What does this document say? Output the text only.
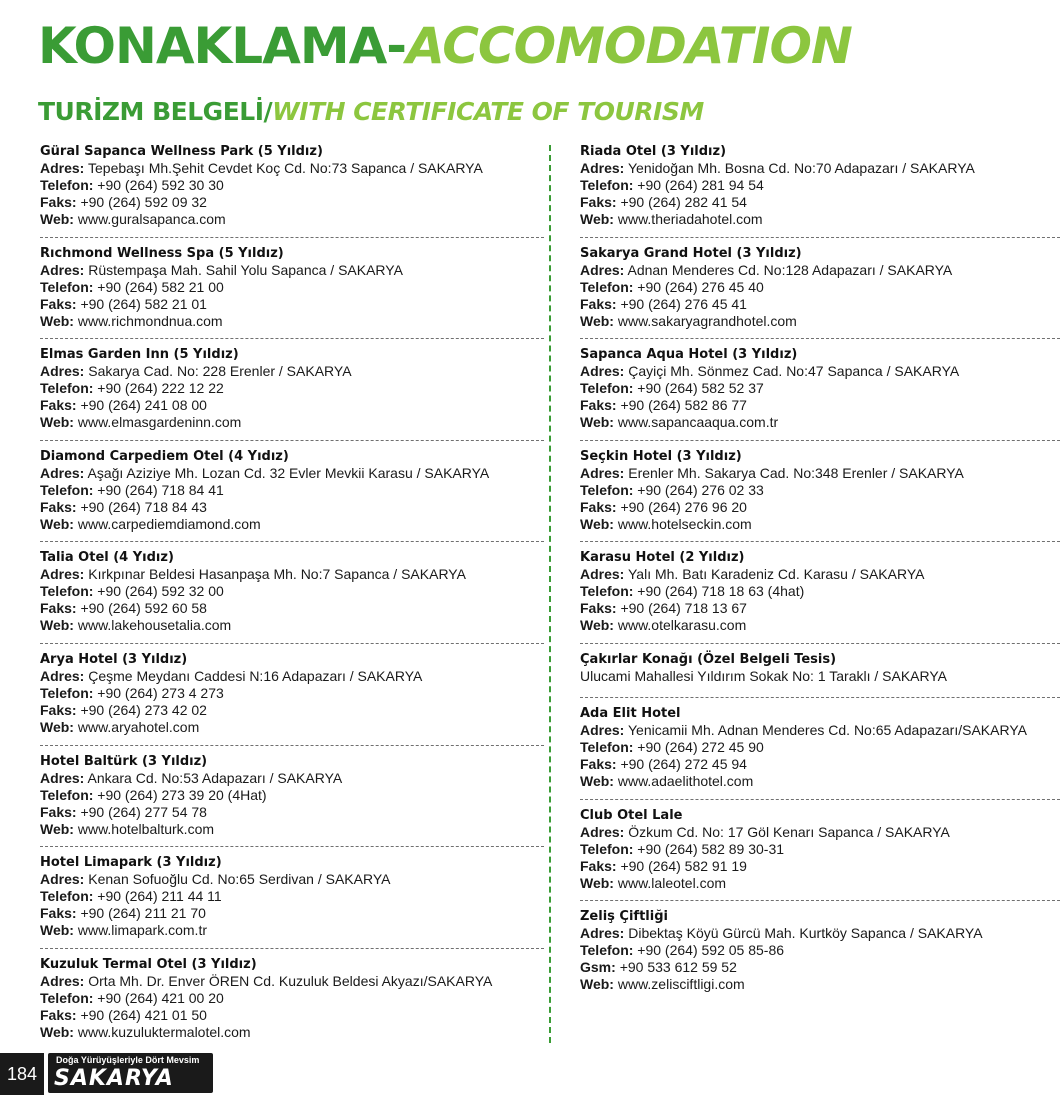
KONAKLAMA-ACCOMODATION
TURİZM BELGELİ/WITH CERTIFICATE OF TOURISM
Güral Sapanca Wellness Park (5 Yıldız)
Adres: Tepebaşı Mh.Şehit Cevdet Koç Cd. No:73 Sapanca / SAKARYA
Telefon: +90 (264) 592 30 30
Faks: +90 (264) 592 09 32
Web: www.guralsapanca.com
Rıchmond Wellness Spa (5 Yıldız)
Adres: Rüstempaşa Mah. Sahil Yolu Sapanca / SAKARYA
Telefon: +90 (264) 582 21 00
Faks: +90 (264) 582 21 01
Web: www.richmondnua.com
Elmas Garden Inn (5 Yıldız)
Adres: Sakarya Cad. No: 228 Erenler / SAKARYA
Telefon: +90 (264) 222 12 22
Faks: +90 (264) 241 08 00
Web: www.elmasgardeninn.com
Diamond Carpediem Otel (4 Yıdız)
Adres: Aşağı Aziziye Mh. Lozan Cd. 32 Evler Mevkii Karasu / SAKARYA
Telefon: +90 (264) 718 84 41
Faks: +90 (264) 718 84 43
Web: www.carpediemdiamond.com
Talia Otel (4 Yıdız)
Adres: Kırkpınar Beldesi Hasanpaşa Mh. No:7 Sapanca / SAKARYA
Telefon: +90 (264) 592 32 00
Faks: +90 (264) 592 60 58
Web: www.lakehousetalia.com
Arya Hotel (3 Yıldız)
Adres: Çeşme Meydanı Caddesi N:16 Adapazarı / SAKARYA
Telefon: +90 (264) 273 4 273
Faks: +90 (264) 273 42 02
Web: www.aryahotel.com
Hotel Baltürk (3 Yıldız)
Adres: Ankara Cd. No:53 Adapazarı / SAKARYA
Telefon: +90 (264) 273 39 20 (4Hat)
Faks: +90 (264) 277 54 78
Web: www.hotelbalturk.com
Hotel Limapark (3 Yıldız)
Adres: Kenan Sofuoğlu Cd. No:65 Serdivan / SAKARYA
Telefon: +90 (264) 211 44 11
Faks: +90 (264) 211 21 70
Web: www.limapark.com.tr
Kuzuluk Termal Otel (3 Yıldız)
Adres: Orta Mh. Dr. Enver ÖREN Cd. Kuzuluk Beldesi Akyazı/SAKARYA
Telefon: +90 (264) 421 00 20
Faks: +90 (264) 421 01 50
Web: www.kuzuluktermalotel.com
Riada Otel (3 Yıldız)
Adres: Yenidoğan Mh. Bosna Cd. No:70 Adapazarı / SAKARYA
Telefon: +90 (264) 281 94 54
Faks: +90 (264) 282 41 54
Web: www.theriadahotel.com
Sakarya Grand Hotel (3 Yıldız)
Adres: Adnan Menderes Cd. No:128 Adapazarı / SAKARYA
Telefon: +90 (264) 276 45 40
Faks: +90 (264) 276 45 41
Web: www.sakaryagrandhotel.com
Sapanca Aqua Hotel (3 Yıldız)
Adres: Çayiçi Mh. Sönmez Cad. No:47 Sapanca / SAKARYA
Telefon: +90 (264) 582 52 37
Faks: +90 (264) 582 86 77
Web: www.sapancaaqua.com.tr
Seçkin Hotel (3 Yıldız)
Adres: Erenler Mh. Sakarya Cad. No:348 Erenler / SAKARYA
Telefon: +90 (264) 276 02 33
Faks: +90 (264) 276 96 20
Web: www.hotelseckin.com
Karasu Hotel (2 Yıldız)
Adres: Yalı Mh. Batı Karadeniz Cd. Karasu / SAKARYA
Telefon: +90 (264) 718 18 63 (4hat)
Faks: +90 (264) 718 13 67
Web: www.otelkarasu.com
Çakırlar Konağı (Özel Belgeli Tesis)
Ulucami Mahallesi Yıldırım Sokak No: 1 Taraklı / SAKARYA
Ada Elit Hotel
Adres: Yenicamii Mh. Adnan Menderes Cd. No:65 Adapazarı/SAKARYA
Telefon: +90 (264) 272 45 90
Faks: +90 (264) 272 45 94
Web: www.adaelithotel.com
Club Otel Lale
Adres: Özkum Cd. No: 17 Göl Kenarı Sapanca / SAKARYA
Telefon: +90 (264) 582 89 30-31
Faks: +90 (264) 582 91 19
Web: www.laleotel.com
Zeliş Çiftliği
Adres: Dibektaş Köyü Gürcü Mah. Kurtköy Sapanca / SAKARYA
Telefon: +90 (264) 592 05 85-86
Gsm: +90 533 612 59 52
Web: www.zelisciftligi.com
184
Doğa Yürüyüşleriyle Dört Mevsim
SAKARYA
